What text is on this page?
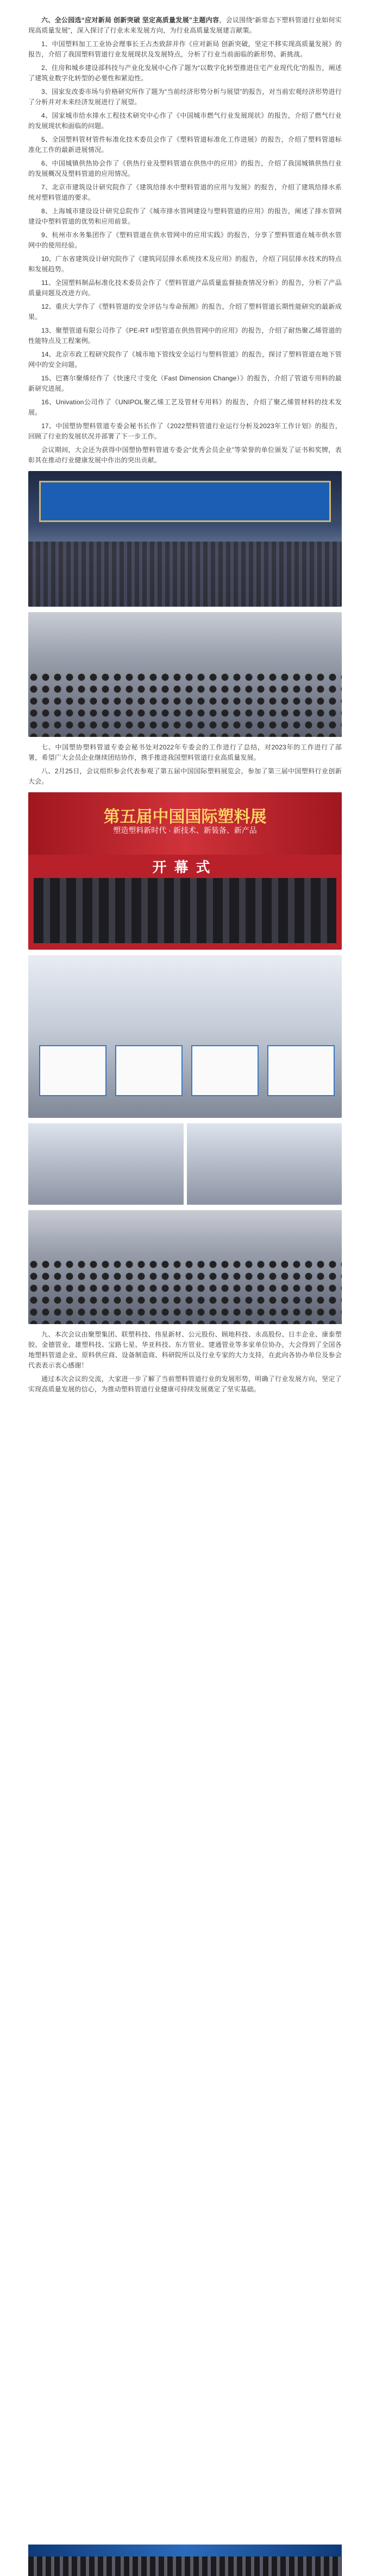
六、全公园选“应对新局 创新突破 坚定高质量发展”主题内容，会议围绕“新常态下塑料管道行业如何实现高质量发展”，深入探讨了行业未来发展方向，为行业高质量发展建言献策。

1、中国塑料加工工业协会理事长王占杰致辞并作《应对新局 创新突破，坚定不移实现高质量发展》的报告，介绍了我国塑料管道行业发展现状及发展特点，分析了行业当前面临的新形势、新挑战。

2、住房和城乡建设部科技与产业化发展中心作了题为“以数字化转型推进住宅产业现代化”的报告，阐述了建筑业数字化转型的必要性和紧迫性。

3、国家发改委市场与价格研究所作了题为“当前经济形势分析与展望”的报告，对当前宏观经济形势进行了分析并对未来经济发展进行了展望。

4、国家城市给水排水工程技术研究中心作了《中国城市燃气行业发展现状》的报告，介绍了燃气行业的发展现状和面临的问题。

5、全国塑料管材管件标准化技术委员会作了《塑料管道标准化工作进展》的报告，介绍了塑料管道标准化工作的最新进展情况。

6、中国城镇供热协会作了《供热行业及塑料管道在供热中的应用》的报告，介绍了我国城镇供热行业的发展概况及塑料管道的应用情况。

7、北京市建筑设计研究院作了《建筑给排水中塑料管道的应用与发展》的报告，介绍了建筑给排水系统对塑料管道的要求。

8、上海城市建设设计研究总院作了《城市排水管网建设与塑料管道的应用》的报告，阐述了排水管网建设中塑料管道的优势和应用前景。

9、杭州市水务集团作了《塑料管道在供水管网中的应用实践》的报告，分享了塑料管道在城市供水管网中的使用经验。

10、广东省建筑设计研究院作了《建筑同层排水系统技术及应用》的报告，介绍了同层排水技术的特点和发展趋势。

11、全国塑料制品标准化技术委员会作了《塑料管道产品质量监督抽查情况分析》的报告，分析了产品质量问题及改进方向。

12、重庆大学作了《塑料管道的安全评估与寿命预测》的报告，介绍了塑料管道长期性能研究的最新成果。

13、聚塑管道有限公司作了《PE-RT II型管道在供热管网中的应用》的报告，介绍了耐热聚乙烯管道的性能特点及工程案例。

14、北京市政工程研究院作了《城市地下管线安全运行与塑料管道》的报告，探讨了塑料管道在地下管网中的安全问题。

15、巴赛尔聚烯烃作了《快速尺寸变化（Fast Dimension Change）》的报告，介绍了管道专用料的最新研究进展。

16、Univation公司作了《UNIPOL聚乙烯工艺及管材专用料》的报告，介绍了聚乙烯管材料的技术发展。

17、中国塑协塑料管道专委会秘书长作了《2022塑料管道行业运行分析及2023年工作计划》的报告，回顾了行业的发展状况并部署了下一步工作。

会议期间，大会还为获得中国塑协塑料管道专委会“优秀会员企业”等荣誉的单位颁发了证书和奖牌，表彰其在推动行业健康发展中作出的突出贡献。

七、中国塑协塑料管道专委会秘书处对2022年专委会的工作进行了总结，对2023年的工作进行了部署，希望广大会员企业继续团结协作，携手推进我国塑料管道行业高质量发展。

八、2月25日，会议组织参会代表参观了第五届中国国际塑料展览会，参加了第三届中国塑料行业创新大会。

第五届中国国际塑料展
塑造塑料新时代 · 新技术、新装备、新产品
开幕式

九、本次会议由聚塑集团、联塑科技、伟星新材、公元股份、顾地科技、永高股份、日丰企业、康泰塑胶、金德管业、雄塑科技、宝路七星、华亚科技、东方管业、建通管业等多家单位协办，大会得到了全国各地塑料管道企业、原料供应商、设备制造商、科研院所以及行业专家的大力支持，在此向各协办单位及参会代表表示衷心感谢！

通过本次会议的交流，大家进一步了解了当前塑料管道行业的发展形势，明确了行业发展方向，坚定了实现高质量发展的信心，为推动塑料管道行业健康可持续发展奠定了坚实基础。
